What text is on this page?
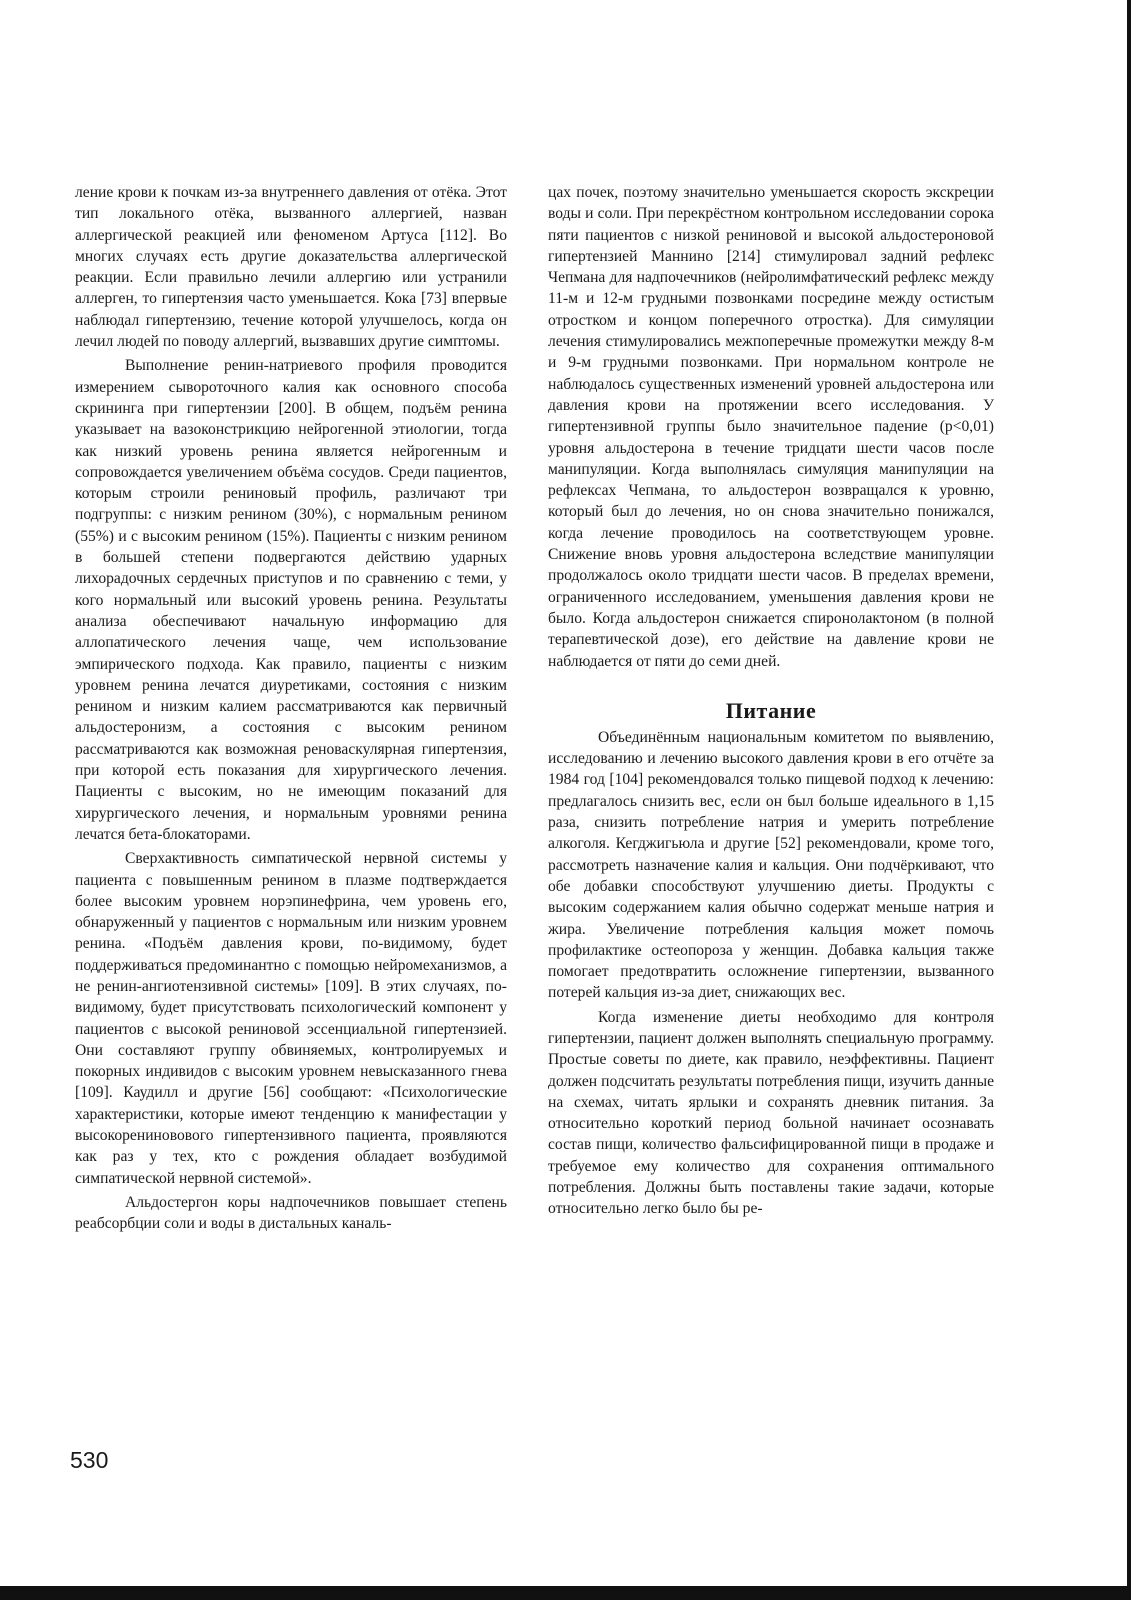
ление крови к почкам из-за внутреннего давления от отёка. Этот тип локального отёка, вызванного аллергией, назван аллергической реакцией или феноменом Артуса [112]. Во многих случаях есть другие доказательства аллергической реакции. Если правильно лечили аллергию или устранили аллерген, то гипертензия часто уменьшается. Кока [73] впервые наблюдал гипертензию, течение которой улучшелось, когда он лечил людей по поводу аллергий, вызвавших другие симптомы.

Выполнение ренин-натриевого профиля проводится измерением сывороточного калия как основного способа скрининга при гипертензии [200]. В общем, подъём ренина указывает на вазоконстрикцию нейрогенной этиологии, тогда как низкий уровень ренина является нейрогенным и сопровождается увеличением объёма сосудов. Среди пациентов, которым строили рениновый профиль, различают три подгруппы: с низким ренином (30%), с нормальным ренином (55%) и с высоким ренином (15%). Пациенты с низким ренином в большей степени подвергаются действию ударных лихорадочных сердечных приступов и по сравнению с теми, у кого нормальный или высокий уровень ренина. Результаты анализа обеспечивают начальную информацию для аллопатического лечения чаще, чем использование эмпирического подхода. Как правило, пациенты с низким уровнем ренина лечатся диуретиками, состояния с низким ренином и низким калием рассматриваются как первичный альдостеронизм, а состояния с высоким ренином рассматриваются как возможная реноваскулярная гипертензия, при которой есть показания для хирургического лечения. Пациенты с высоким, но не имеющим показаний для хирургического лечения, и нормальным уровнями ренина лечатся бета-блокаторами.

Сверхактивность симпатической нервной системы у пациента с повышенным ренином в плазме подтверждается более высоким уровнем норэпинефрина, чем уровень его, обнаруженный у пациентов с нормальным или низким уровнем ренина. «Подъём давления крови, по-видимому, будет поддерживаться предоминантно с помощью нейромеханизмов, а не ренин-ангиотензивной системы» [109]. В этих случаях, по-видимому, будет присутствовать психологический компонент у пациентов с высокой рениновой эссенциальной гипертензией. Они составляют группу обвиняемых, контролируемых и покорных индивидов с высоким уровнем невысказанного гнева [109]. Каудилл и другие [56] сообщают: «Психологические характеристики, которые имеют тенденцию к манифестации у высокорениновового гипертензивного пациента, проявляются как раз у тех, кто с рождения обладает возбудимой симпатической нервной системой».

Альдостергон коры надпочечников повышает степень реабсорбции соли и воды в дистальных каналь-

цах почек, поэтому значительно уменьшается скорость экскреции воды и соли. При перекрёстном контрольном исследовании сорока пяти пациентов с низкой рениновой и высокой альдостероновой гипертензией Маннино [214] стимулировал задний рефлекс Чепмана для надпочечников (нейролимфатический рефлекс между 11-м и 12-м грудными позвонками посредине между остистым отростком и концом поперечного отростка). Для симуляции лечения стимулировались межпоперечные промежутки между 8-м и 9-м грудными позвонками. При нормальном контроле не наблюдалось существенных изменений уровней альдостерона или давления крови на протяжении всего исследования. У гипертензивной группы было значительное падение (p<0,01) уровня альдостерона в течение тридцати шести часов после манипуляции. Когда выполнялась симуляция манипуляции на рефлексах Чепмана, то альдостерон возвращался к уровню, который был до лечения, но он снова значительно понижался, когда лечение проводилось на соответствующем уровне. Снижение вновь уровня альдостерона вследствие манипуляции продолжалось около тридцати шести часов. В пределах времени, ограниченного исследованием, уменьшения давления крови не было. Когда альдостерон снижается спиронолактоном (в полной терапевтической дозе), его действие на давление крови не наблюдается от пяти до семи дней.

Питание

Объединённым национальным комитетом по выявлению, исследованию и лечению высокого давления крови в его отчёте за 1984 год [104] рекомендовался только пищевой подход к лечению: предлагалось снизить вес, если он был больше идеального в 1,15 раза, снизить потребление натрия и умерить потребление алкоголя. Кегджигьюла и другие [52] рекомендовали, кроме того, рассмотреть назначение калия и кальция. Они подчёркивают, что обе добавки способствуют улучшению диеты. Продукты с высоким содержанием калия обычно содержат меньше натрия и жира. Увеличение потребления кальция может помочь профилактике остеопороза у женщин. Добавка кальция также помогает предотвратить осложнение гипертензии, вызванного потерей кальция из-за диет, снижающих вес.

Когда изменение диеты необходимо для контроля гипертензии, пациент должен выполнять специальную программу. Простые советы по диете, как правило, неэффективны. Пациент должен подсчитать результаты потребления пищи, изучить данные на схемах, читать ярлыки и сохранять дневник питания. За относительно короткий период больной начинает осознавать состав пищи, количество фальсифицированной пищи в продаже и требуемое ему количество для сохранения оптимального потребления. Должны быть поставлены такие задачи, которые относительно легко было бы ре-

530
